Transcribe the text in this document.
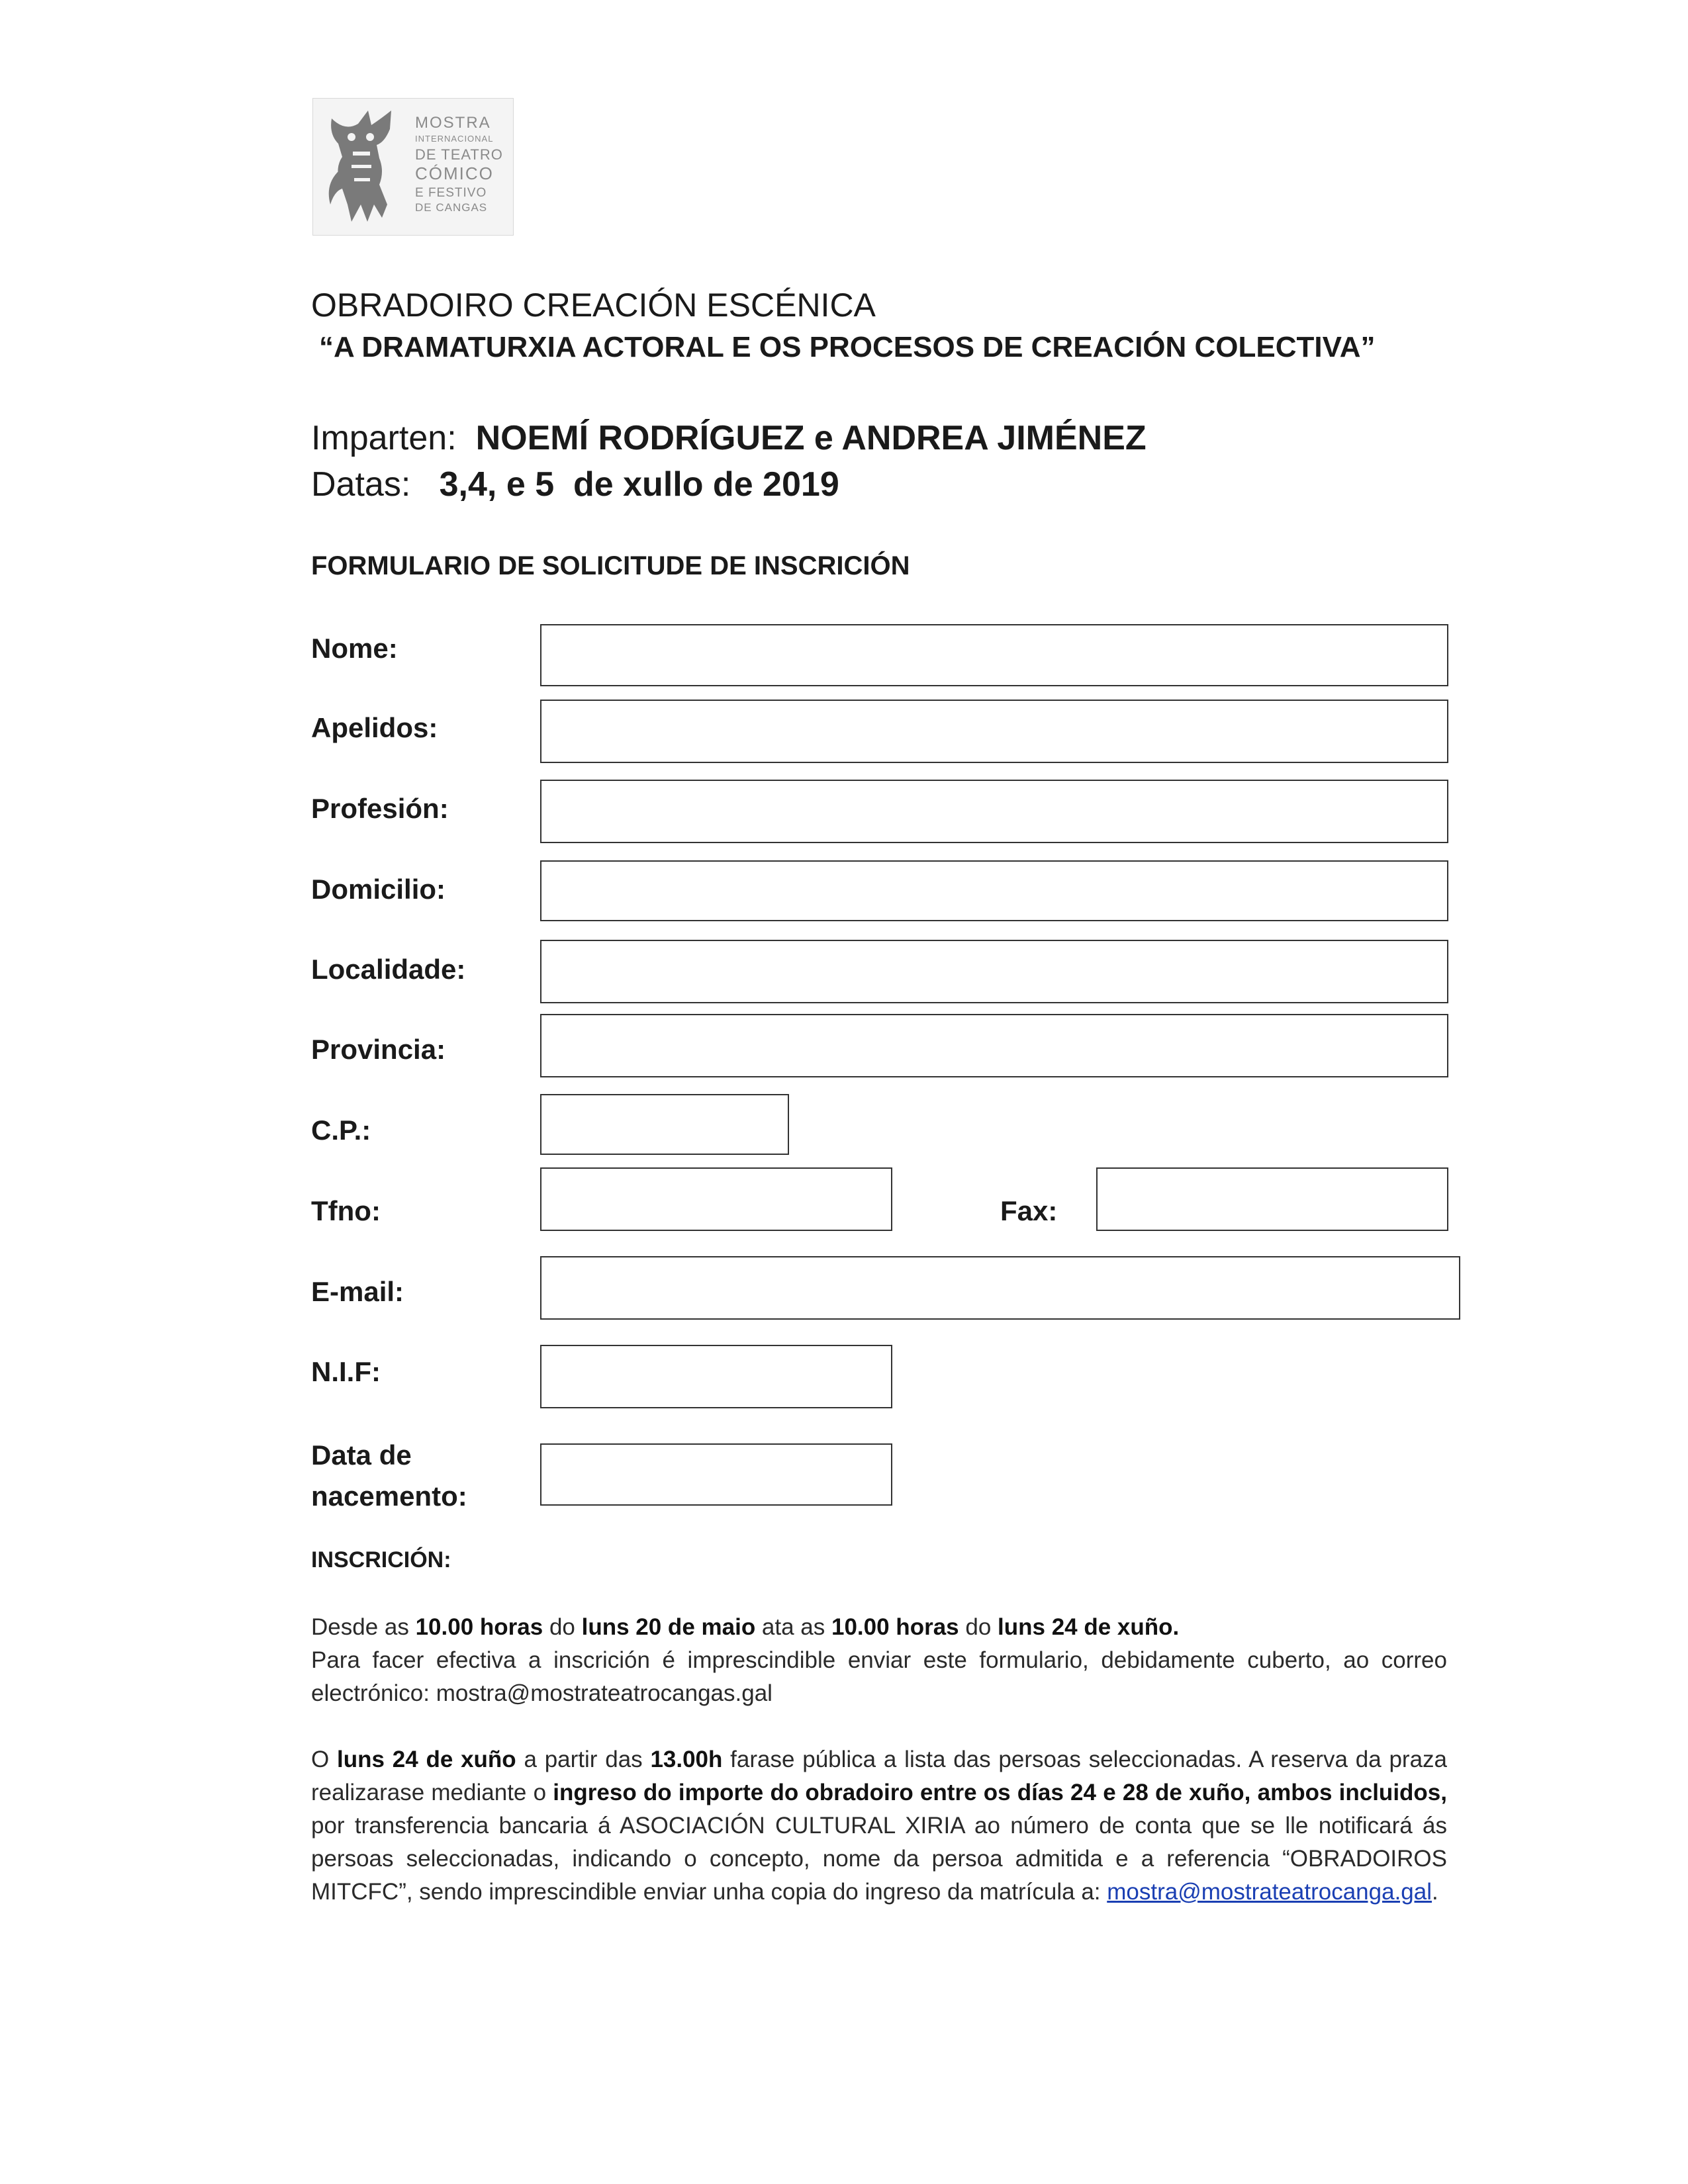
MOSTRA
INTERNACIONAL
DE TEATRO
CÓMICO
E FESTIVO
DE CANGAS
OBRADOIRO CREACIÓN ESCÉNICA
“A DRAMATURXIA ACTORAL E OS PROCESOS DE CREACIÓN COLECTIVA”
Imparten: NOEMÍ RODRÍGUEZ e ANDREA JIMÉNEZ
Datas: 3,4, e 5  de xullo de 2019
FORMULARIO DE SOLICITUDE DE INSCRICIÓN
Nome:
Apelidos:
Profesión:
Domicilio:
Localidade:
Provincia:
C.P.:
Tfno:	Fax:
E-mail:
N.I.F:
Data de
nacemento:
INSCRICIÓN:
Desde as 10.00 horas do luns 20 de maio ata as 10.00 horas do luns 24 de xuño.
Para facer efectiva a inscrición é imprescindible enviar este formulario, debidamente cuberto, ao correo electrónico: mostra@mostrateatrocangas.gal
O luns 24 de xuño a partir das 13.00h farase pública a lista das persoas seleccionadas. A reserva da praza realizarase mediante o ingreso do importe do obradoiro entre os días 24 e 28 de xuño, ambos incluidos, por transferencia bancaria á ASOCIACIÓN CULTURAL XIRIA ao número de conta que se lle notificará ás persoas seleccionadas, indicando o concepto, nome da persoa admitida e a referencia “OBRADOIROS MITCFC”, sendo imprescindible enviar unha copia do ingreso da matrícula a: mostra@mostrateatrocanga.gal.
